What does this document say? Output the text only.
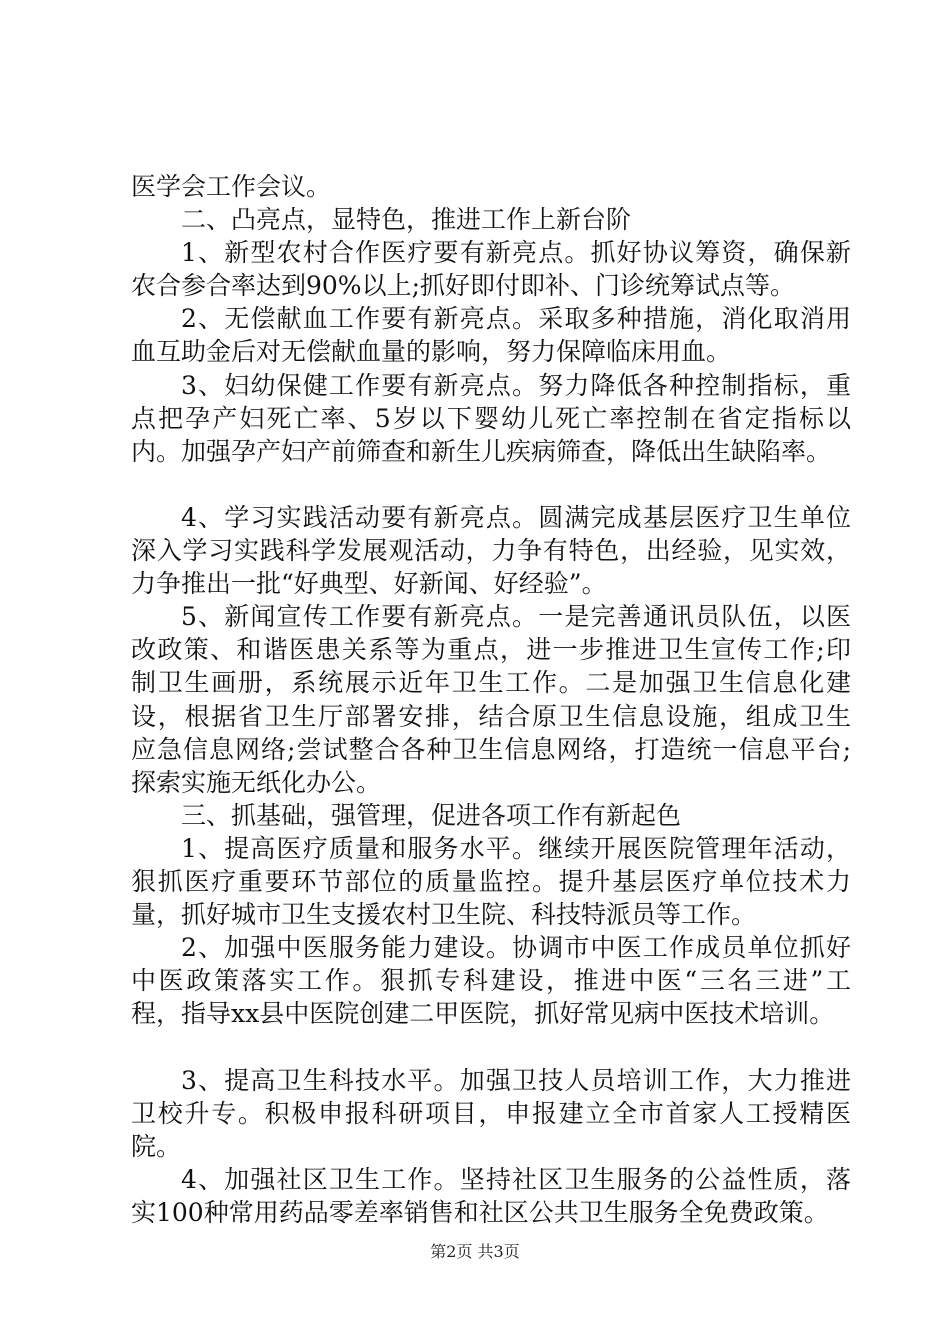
医学会工作会议。
二、凸亮点，显特色，推进工作上新台阶
1、新型农村合作医疗要有新亮点。抓好协议筹资，确保新
农合参合率达到90%以上;抓好即付即补、门诊统筹试点等。
2、无偿献血工作要有新亮点。采取多种措施，消化取消用
血互助金后对无偿献血量的影响，努力保障临床用血。
3、妇幼保健工作要有新亮点。努力降低各种控制指标，重
点把孕产妇死亡率、5岁以下婴幼儿死亡率控制在省定指标以
内。加强孕产妇产前筛查和新生儿疾病筛查，降低出生缺陷率。
4、学习实践活动要有新亮点。圆满完成基层医疗卫生单位
深入学习实践科学发展观活动，力争有特色，出经验，见实效，
力争推出一批“好典型、好新闻、好经验”。
5、新闻宣传工作要有新亮点。一是完善通讯员队伍，以医
改政策、和谐医患关系等为重点，进一步推进卫生宣传工作;印
制卫生画册，系统展示近年卫生工作。二是加强卫生信息化建
设，根据省卫生厅部署安排，结合原卫生信息设施，组成卫生
应急信息网络;尝试整合各种卫生信息网络，打造统一信息平台;
探索实施无纸化办公。
三、抓基础，强管理，促进各项工作有新起色
1、提高医疗质量和服务水平。继续开展医院管理年活动，
狠抓医疗重要环节部位的质量监控。提升基层医疗单位技术力
量，抓好城市卫生支援农村卫生院、科技特派员等工作。
2、加强中医服务能力建设。协调市中医工作成员单位抓好
中医政策落实工作。狠抓专科建设，推进中医“三名三进”工
程，指导xx县中医院创建二甲医院，抓好常见病中医技术培训。
3、提高卫生科技水平。加强卫技人员培训工作，大力推进
卫校升专。积极申报科研项目，申报建立全市首家人工授精医
院。
4、加强社区卫生工作。坚持社区卫生服务的公益性质，落
实100种常用药品零差率销售和社区公共卫生服务全免费政策。
第2页 共3页
